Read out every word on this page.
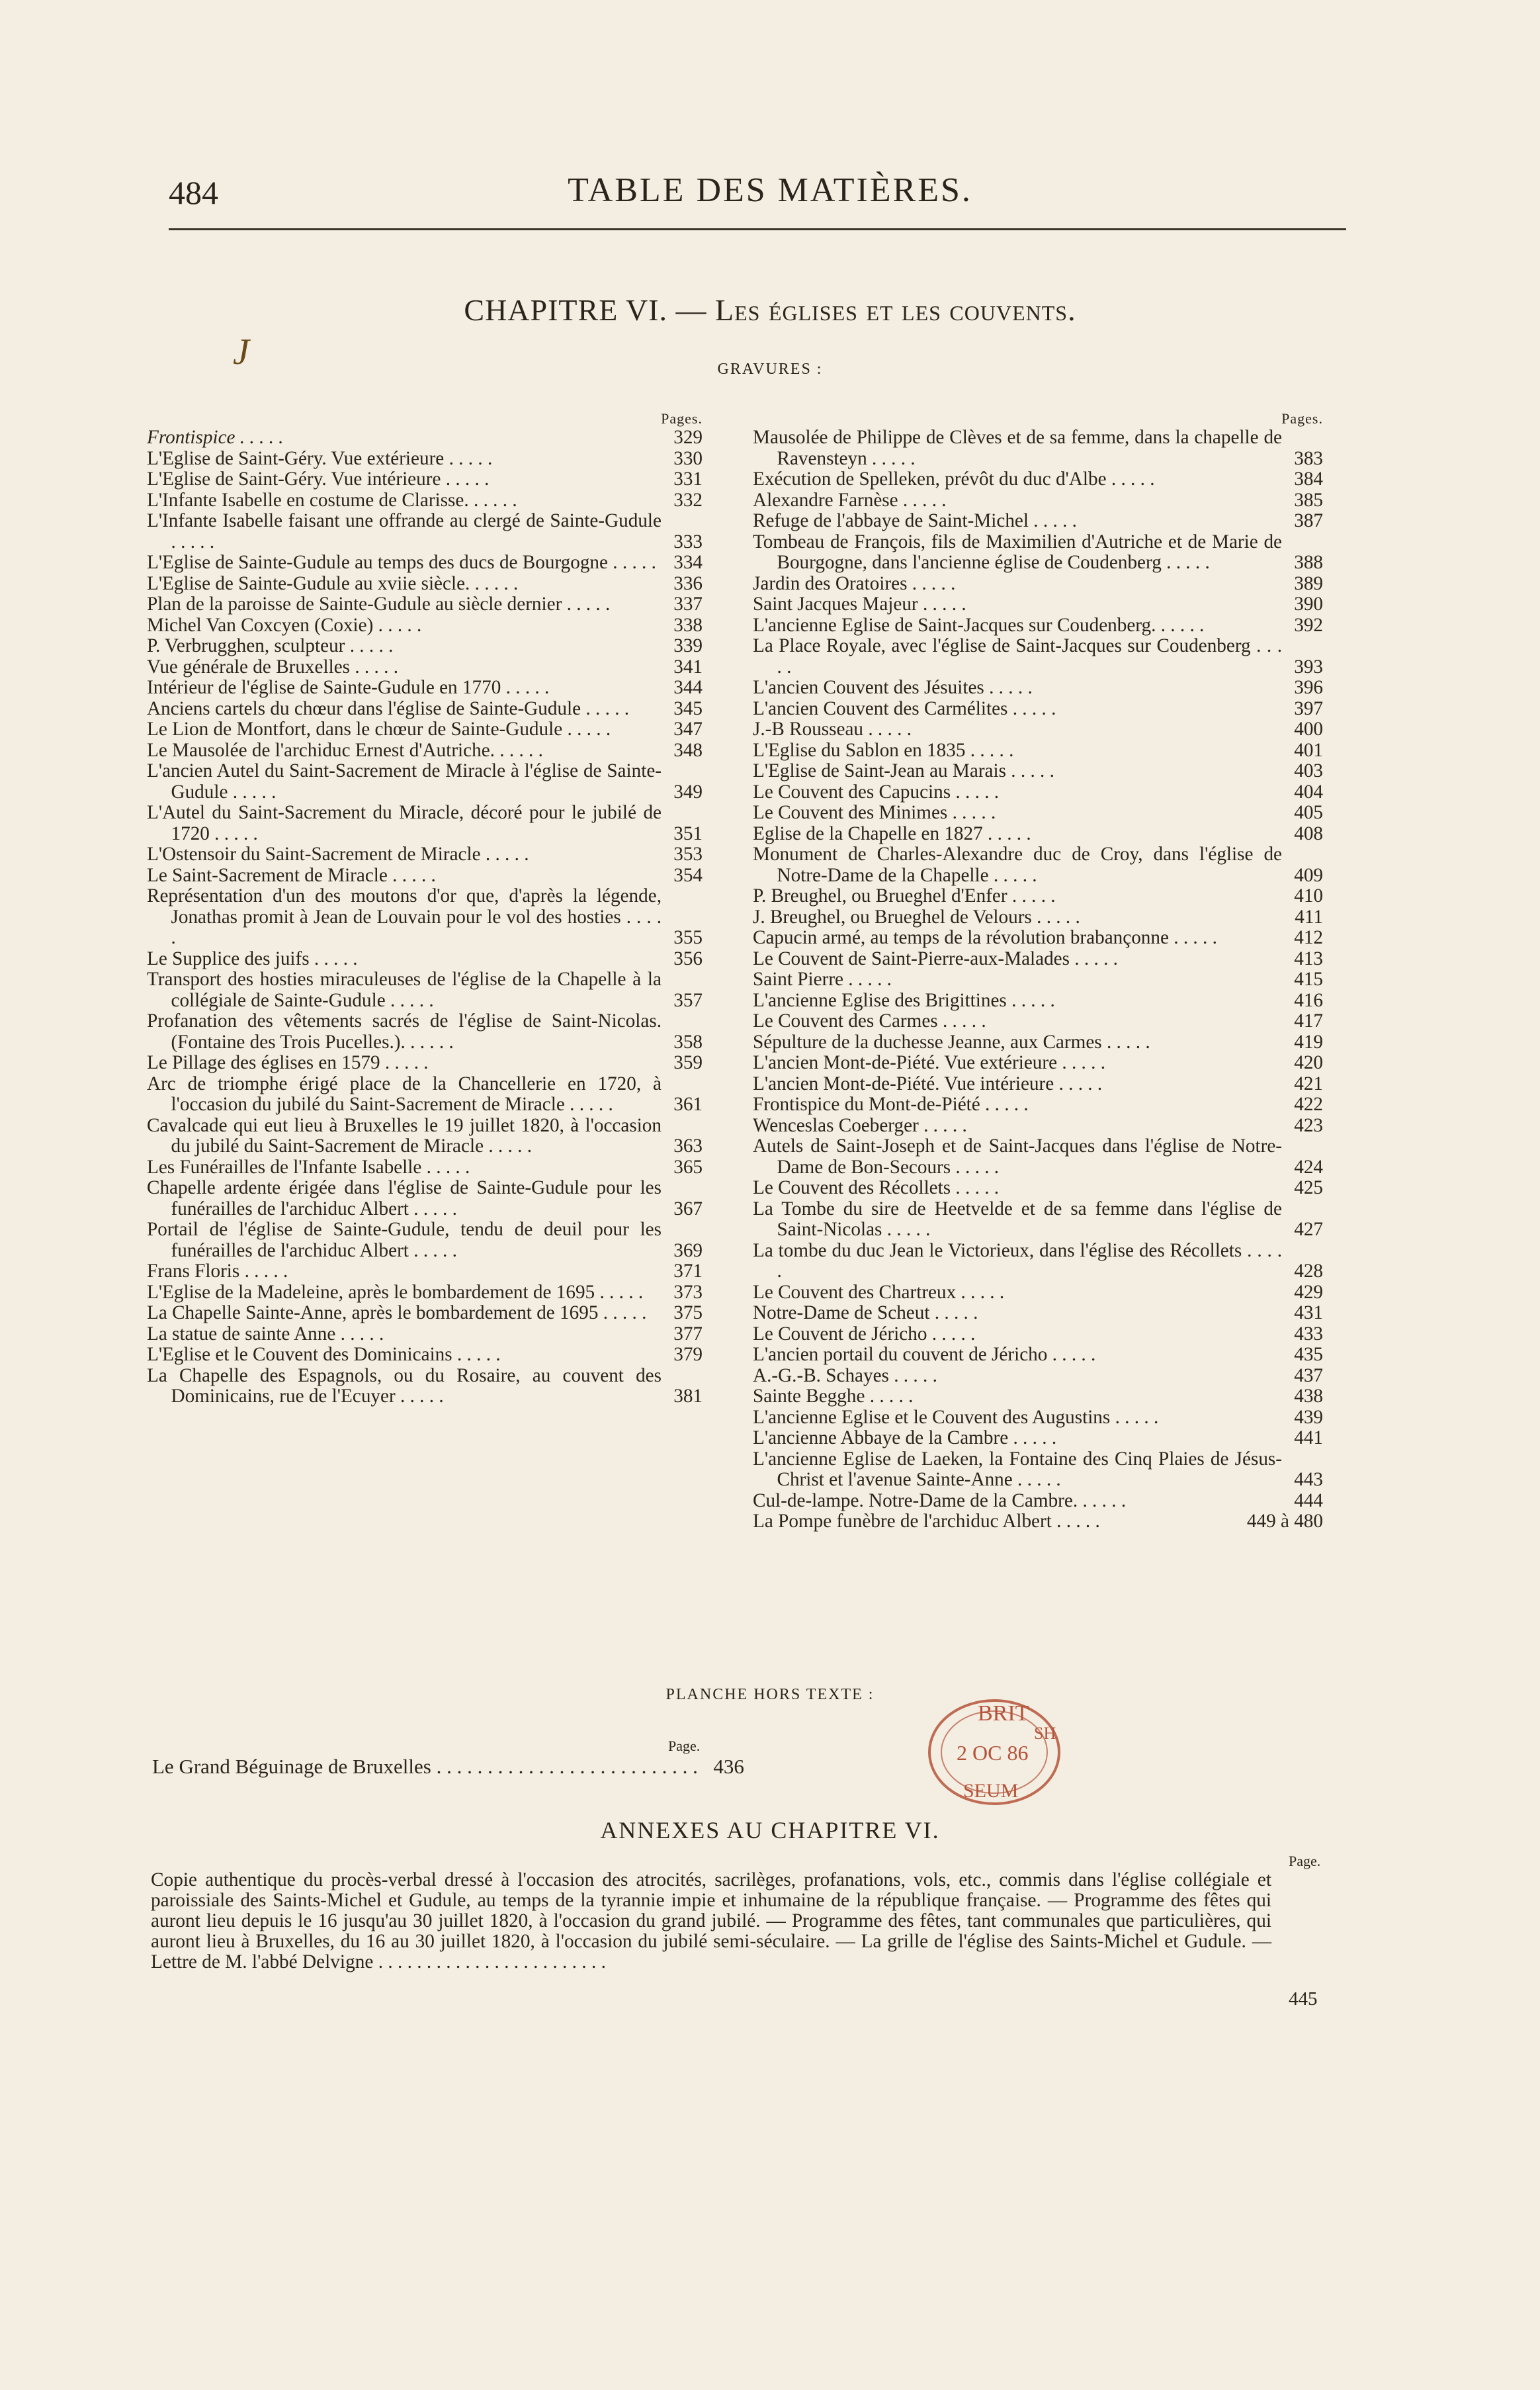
484	TABLE DES MATIÈRES.
CHAPITRE VI. — Les églises et les couvents.
J	GRAVURES :
Pages.
Frontispice . . . . .	329
L'Eglise de Saint-Géry. Vue extérieure . . . . .	330
L'Eglise de Saint-Géry. Vue intérieure . . . . .	331
L'Infante Isabelle en costume de Clarisse. . . . . .	332
L'Infante Isabelle faisant une offrande au clergé de Sainte-Gudule . . . . .	333
L'Eglise de Sainte-Gudule au temps des ducs de Bourgogne . . . . . 334
L'Eglise de Sainte-Gudule au xviie siècle. . . . . .	336
Plan de la paroisse de Sainte-Gudule au siècle dernier . . . . .	337
Michel Van Coxcyen (Coxie) . . . . .	338
P. Verbrugghen, sculpteur . . . . .	339
Vue générale de Bruxelles . . . . .	341
Intérieur de l'église de Sainte-Gudule en 1770 . . . . .	344
Anciens cartels du chœur dans l'église de Sainte-Gudule . . . . .	345
Le Lion de Montfort, dans le chœur de Sainte-Gudule . . . . .	347
Le Mausolée de l'archiduc Ernest d'Autriche. . . . . .	348
L'ancien Autel du Saint-Sacrement de Miracle à l'église de Sainte-Gudule . . . . .	349
L'Autel du Saint-Sacrement du Miracle, décoré pour le jubilé de 1720 . . . . .	351
L'Ostensoir du Saint-Sacrement de Miracle . . . . .	353
Le Saint-Sacrement de Miracle . . . . .	354
Représentation d'un des moutons d'or que, d'après la légende, Jonathas promit à Jean de Louvain pour le vol des hosties . . . . .	355
Le Supplice des juifs . . . . .	356
Transport des hosties miraculeuses de l'église de la Chapelle à la collégiale de Sainte-Gudule . . . . .	357
Profanation des vêtements sacrés de l'église de Saint-Nicolas. (Fontaine des Trois Pucelles.). . . . . .	358
Le Pillage des églises en 1579 . . . . .	359
Arc de triomphe érigé place de la Chancellerie en 1720, à l'occasion du jubilé du Saint-Sacrement de Miracle . . . . .	361
Cavalcade qui eut lieu à Bruxelles le 19 juillet 1820, à l'occasion du jubilé du Saint-Sacrement de Miracle . . . . .	363
Les Funérailles de l'Infante Isabelle . . . . .	365
Chapelle ardente érigée dans l'église de Sainte-Gudule pour les funérailles de l'archiduc Albert . . . . .	367
Portail de l'église de Sainte-Gudule, tendu de deuil pour les funérailles de l'archiduc Albert . . . . .	369
Frans Floris . . . . .	371
L'Eglise de la Madeleine, après le bombardement de 1695 . . . . .	373
La Chapelle Sainte-Anne, après le bombardement de 1695 . . . . .	375
La statue de sainte Anne . . . . .	377
L'Eglise et le Couvent des Dominicains . . . . .	379
La Chapelle des Espagnols, ou du Rosaire, au couvent des Dominicains, rue de l'Ecuyer . . . . .	381
Pages.
Mausolée de Philippe de Clèves et de sa femme, dans la chapelle de Ravensteyn . . . . .	383
Exécution de Spelleken, prévôt du duc d'Albe . . . . .	384
Alexandre Farnèse . . . . .	385
Refuge de l'abbaye de Saint-Michel . . . . .	387
Tombeau de François, fils de Maximilien d'Autriche et de Marie de Bourgogne, dans l'ancienne église de Coudenberg . . . . .	388
Jardin des Oratoires . . . . .	389
Saint Jacques Majeur . . . . .	390
L'ancienne Eglise de Saint-Jacques sur Coudenberg. . . . . .	392
La Place Royale, avec l'église de Saint-Jacques sur Coudenberg . . . . .	393
L'ancien Couvent des Jésuites . . . . .	396
L'ancien Couvent des Carmélites . . . . .	397
J.-B Rousseau . . . . .	400
L'Eglise du Sablon en 1835 . . . . .	401
L'Eglise de Saint-Jean au Marais . . . . .	403
Le Couvent des Capucins . . . . .	404
Le Couvent des Minimes . . . . .	405
Eglise de la Chapelle en 1827 . . . . .	408
Monument de Charles-Alexandre duc de Croy, dans l'église de Notre-Dame de la Chapelle . . . . .	409
P. Breughel, ou Brueghel d'Enfer . . . . .	410
J. Breughel, ou Brueghel de Velours . . . . .	411
Capucin armé, au temps de la révolution brabançonne . . . . .	412
Le Couvent de Saint-Pierre-aux-Malades . . . . .	413
Saint Pierre . . . . .	415
L'ancienne Eglise des Brigittines . . . . .	416
Le Couvent des Carmes . . . . .	417
Sépulture de la duchesse Jeanne, aux Carmes . . . . .	419
L'ancien Mont-de-Piété. Vue extérieure . . . . .	420
L'ancien Mont-de-Piété. Vue intérieure . . . . .	421
Frontispice du Mont-de-Piété . . . . .	422
Wenceslas Coeberger . . . . .	423
Autels de Saint-Joseph et de Saint-Jacques dans l'église de Notre-Dame de Bon-Secours . . . . .	424
Le Couvent des Récollets . . . . .	425
La Tombe du sire de Heetvelde et de sa femme dans l'église de Saint-Nicolas . . . . .	427
La tombe du duc Jean le Victorieux, dans l'église des Récollets . . . . .	428
Le Couvent des Chartreux . . . . .	429
Notre-Dame de Scheut . . . . .	431
Le Couvent de Jéricho . . . . .	433
L'ancien portail du couvent de Jéricho . . . . .	435
A.-G.-B. Schayes . . . . .	437
Sainte Begghe . . . . .	438
L'ancienne Eglise et le Couvent des Augustins . . . . .	439
L'ancienne Abbaye de la Cambre . . . . .	441
L'ancienne Eglise de Laeken, la Fontaine des Cinq Plaies de Jésus-Christ et l'avenue Sainte-Anne . . . . .	443
Cul-de-lampe. Notre-Dame de la Cambre. . . . . .	444
La Pompe funèbre de l'archiduc Albert . . . . .	449 à 480
PLANCHE HORS TEXTE :
Page.
Le Grand Béguinage de Bruxelles . . . . . . . . . . . . . . . . . . . . . . . . . . 436
BRIT
SH
2 OC 86
SEUM
ANNEXES AU CHAPITRE VI.
Page.
Copie authentique du procès-verbal dressé à l'occasion des atrocités, sacrilèges, profanations, vols, etc., commis dans l'église collégiale et paroissiale des Saints-Michel et Gudule, au temps de la tyrannie impie et inhumaine de la république française. — Programme des fêtes qui auront lieu depuis le 16 jusqu'au 30 juillet 1820, à l'occasion du grand jubilé. — Programme des fêtes, tant communales que particulières, qui auront lieu à Bruxelles, du 16 au 30 juillet 1820, à l'occasion du jubilé semi-séculaire. — La grille de l'église des Saints-Michel et Gudule. — Lettre de M. l'abbé Delvigne . . . . . . . . . . . . . . . . . . . . . . . .
445
